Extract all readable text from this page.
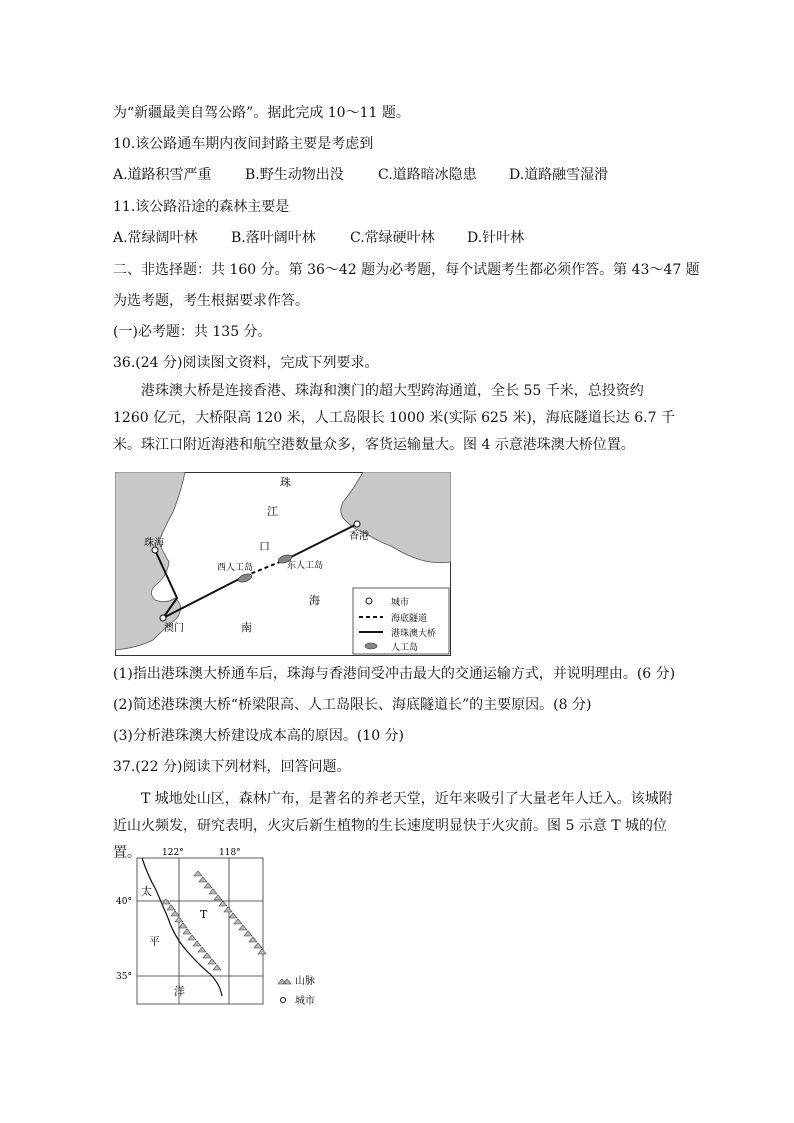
为“新疆最美自驾公路”。据此完成 10～11 题。
10.该公路通车期内夜间封路主要是考虑到
A.道路积雪严重 B.野生动物出没 C.道路暗冰隐患 D.道路融雪湿滑
11.该公路沿途的森林主要是
A.常绿阔叶林 B.落叶阔叶林 C.常绿硬叶林 D.针叶林
二、非选择题：共 160 分。第 36～42 题为必考题，每个试题考生都必须作答。第 43～47 题
为选考题，考生根据要求作答。
(一)必考题：共 135 分。
36.(24 分)阅读图文资料，完成下列要求。
港珠澳大桥是连接香港、珠海和澳门的超大型跨海通道，全长 55 千米，总投资约 1260 亿元，大桥限高 120 米，人工岛限长 1000 米(实际 625 米)，海底隧道长达 6.7 千米。珠江口附近海港和航空港数量众多，客货运输量大。图 4 示意港珠澳大桥位置。
珠海
香港
澳门
西人工岛	东人工岛
珠
江
口
海
南
城市
海底隧道
港珠澳大桥
人工岛
(1)指出港珠澳大桥通车后，珠海与香港间受冲击最大的交通运输方式，并说明理由。(6 分)
(2)简述港珠澳大桥“桥梁限高、人工岛限长、海底隧道长”的主要原因。(8 分)
(3)分析港珠澳大桥建设成本高的原因。(10 分)
37.(22 分)阅读下列材料，回答问题。
T 城地处山区，森林广布，是著名的养老天堂，近年来吸引了大量老年人迁入。该城附近山火频发，研究表明，火灾后新生植物的生长速度明显快于火灾前。图 5 示意 T 城的位置。	122°	118°
40°
35°
太
平
洋
T
山脉
城市
